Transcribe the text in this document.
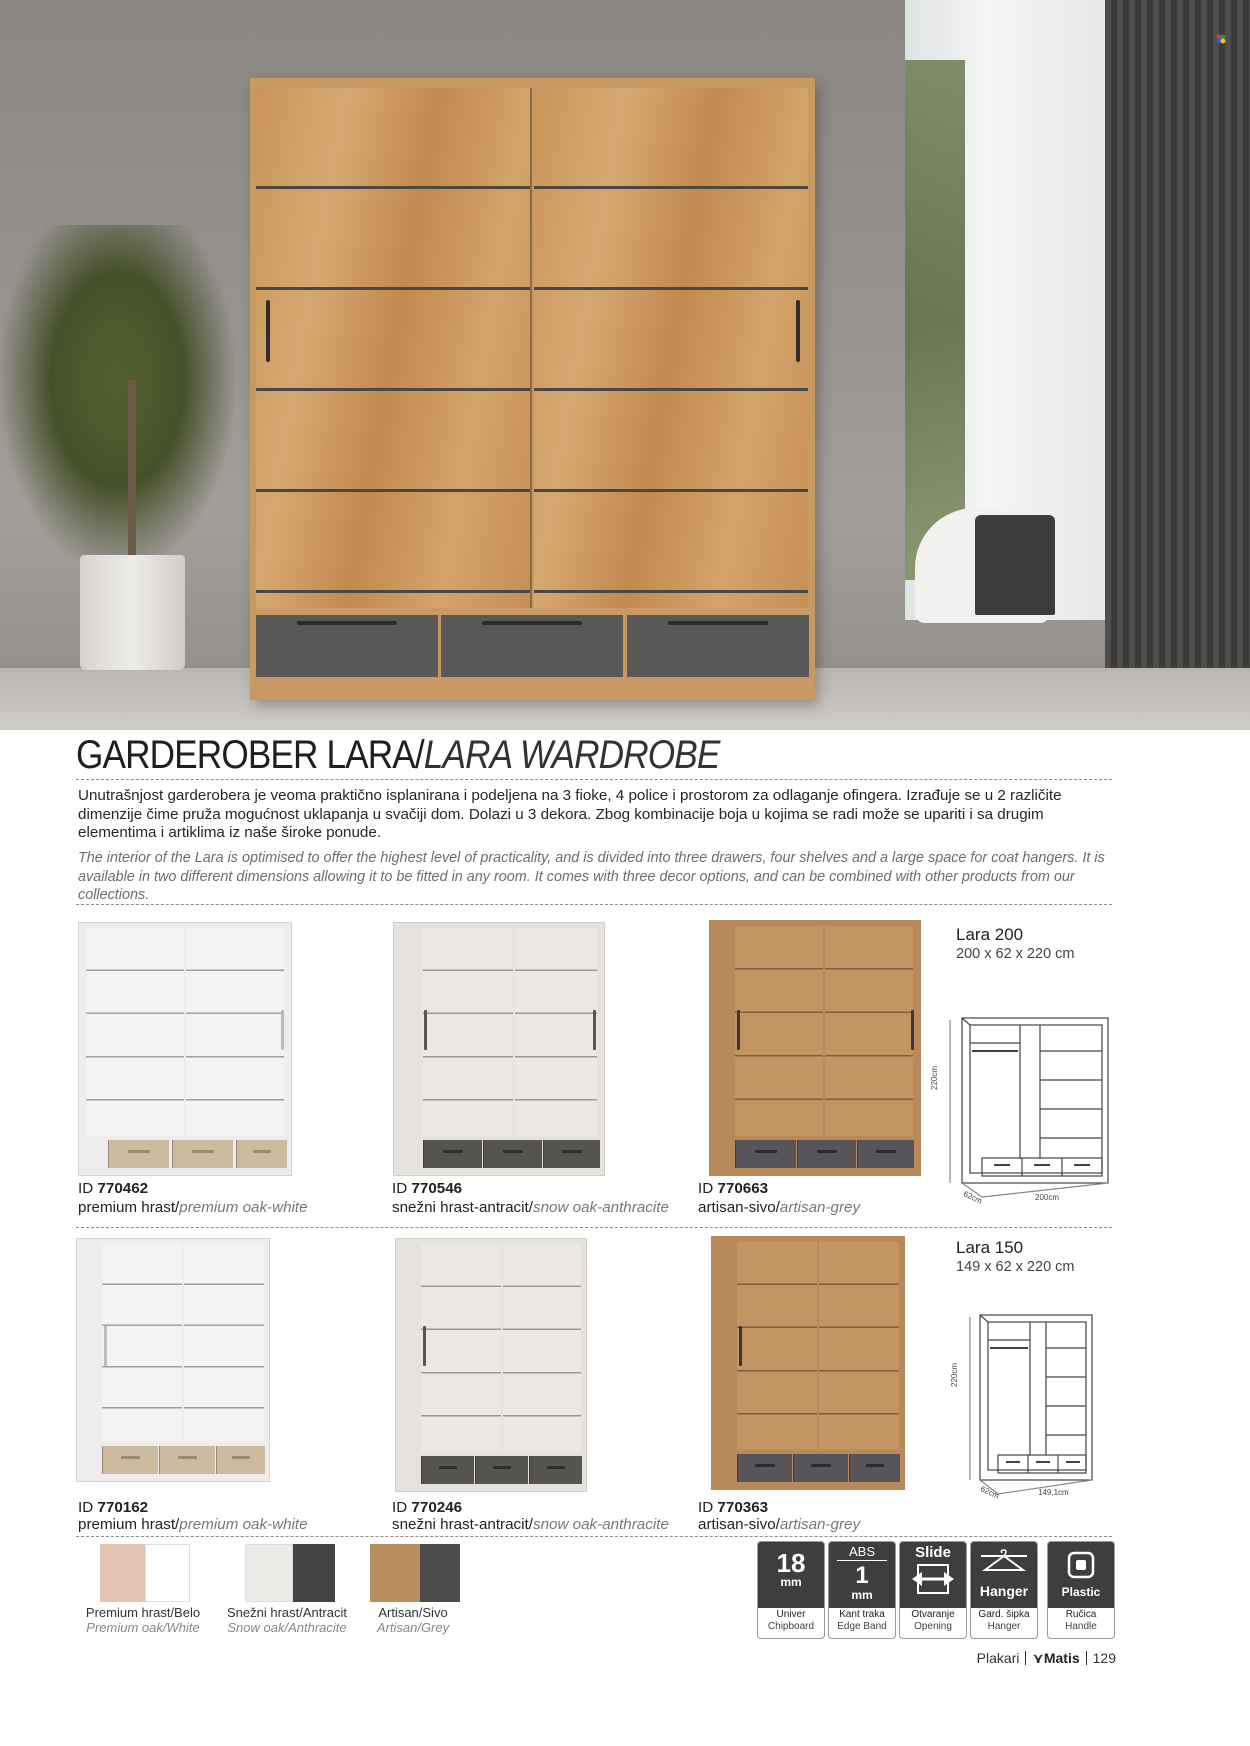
GARDEROBER LARA/LARA WARDROBE
Unutrašnjost garderobera je veoma praktično isplanirana i podeljena na 3 fioke, 4 police i prostorom za odlaganje ofingera. Izrađuje se u 2 različite dimenzije čime pruža mogućnost uklapanja u svačiji dom. Dolazi u 3 dekora. Zbog kombinacije boja u kojima se radi može se upariti i sa drugim elementima i artiklima iz naše široke ponude.
The interior of the Lara is optimised to offer the highest level of practicality, and is divided into three drawers, four shelves and a large space for coat hangers. It is available in two different dimensions allowing it to be fitted in any room. It comes with three decor options, and can be combined with other products from our collections.
ID 770462
premium hrast/premium oak-white
ID 770546
snežni hrast-antracit/snow oak-anthracite
ID 770663
artisan-sivo/artisan-grey
Lara 200
200 x 62 x 220 cm
220cm
200cm
62cm
ID 770162
premium hrast/premium oak-white
ID 770246
snežni hrast-antracit/snow oak-anthracite
ID 770363
artisan-sivo/artisan-grey
Lara 150
149 x 62 x 220 cm
220cm
149,1cm
62cm
Premium hrast/Belo
Premium oak/White
Snežni hrast/Antracit
Snow oak/Anthracite
Artisan/Sivo
Artisan/Grey
18
mm
Univer
Chipboard
ABS
1
mm
Kant traka
Edge Band
Slide
Otvaranje
Opening
Hanger
Gard. šipka
Hanger
Plastic
Ručica
Handle
Plakari ⋎Matis 129
